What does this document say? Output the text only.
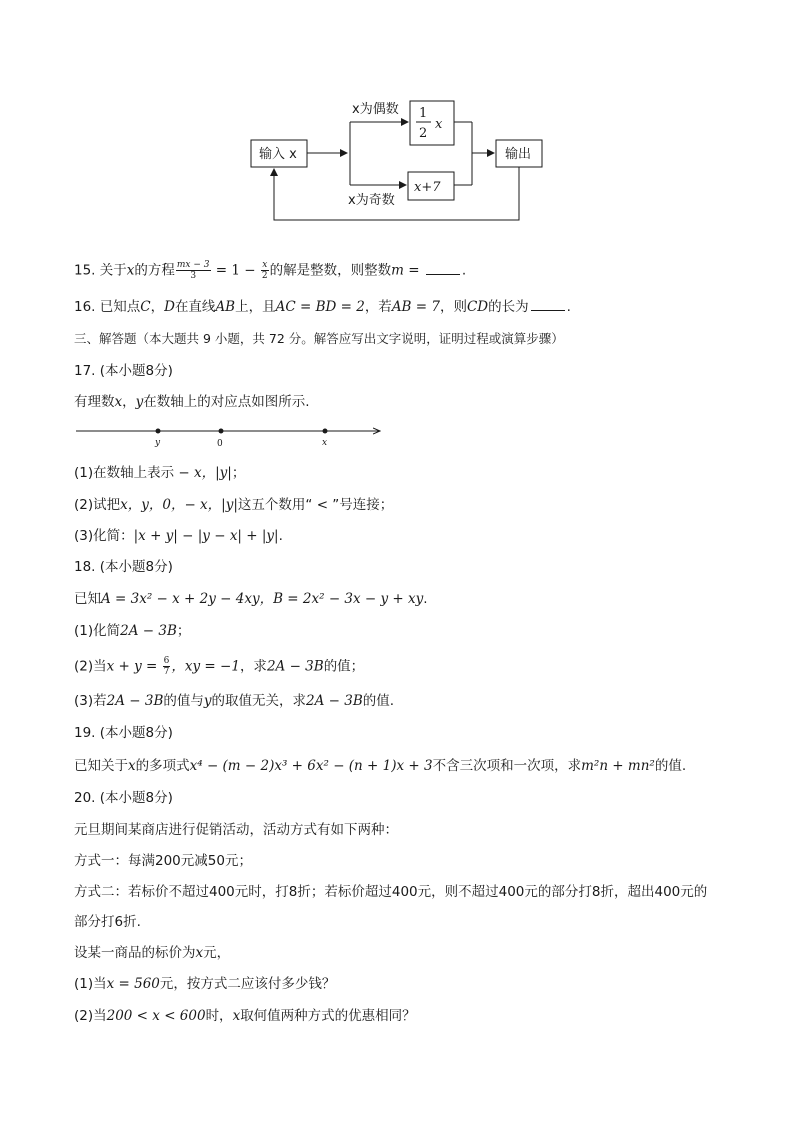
输入 x
x为偶数
x为奇数
1
2
x
x+7
输出
15. 关于x的方程 $\frac{mx - 3}{3} = 1 - \frac{x}{2}$ 的解是整数，则整数m =	.
16. 已知点C，D在直线AB上，且AC = BD = 2，若AB = 7，则CD的长为	.
三、解答题（本大题共 9 小题，共 72 分。解答应写出文字说明，证明过程或演算步骤）
17. (本小题8分)
有理数x，y在数轴上的对应点如图所示.
y	0	x
(1)在数轴上表示 − x，|y|；
(2)试把x，y，0，− x，|y|这五个数用“ < ”号连接；
(3)化简：|x + y| − |y − x| + |y|.
18. (本小题8分)
已知A = 3x² − x + 2y − 4xy，B = 2x² − 3x − y + xy.
(1)化简2A − 3B；
(2)当$x + y = \frac{6}{7}$ ，xy = −1，求2A − 3B的值；
(3)若2A − 3B的值与y的取值无关，求2A − 3B的值.
19. (本小题8分)
已知关于x的多项式x⁴ − (m − 2)x³ + 6x² − (n + 1)x + 3不含三次项和一次项，求m²n + mn²的值.
20. (本小题8分)
元旦期间某商店进行促销活动，活动方式有如下两种：
方式一：每满200元减50元；
方式二：若标价不超过400元时，打8折；若标价超过400元，则不超过400元的部分打8折，超出400元的
部分打6折.
设某一商品的标价为x元，
(1)当x = 560元，按方式二应该付多少钱？
(2)当200 < x < 600时，x取何值两种方式的优惠相同？
